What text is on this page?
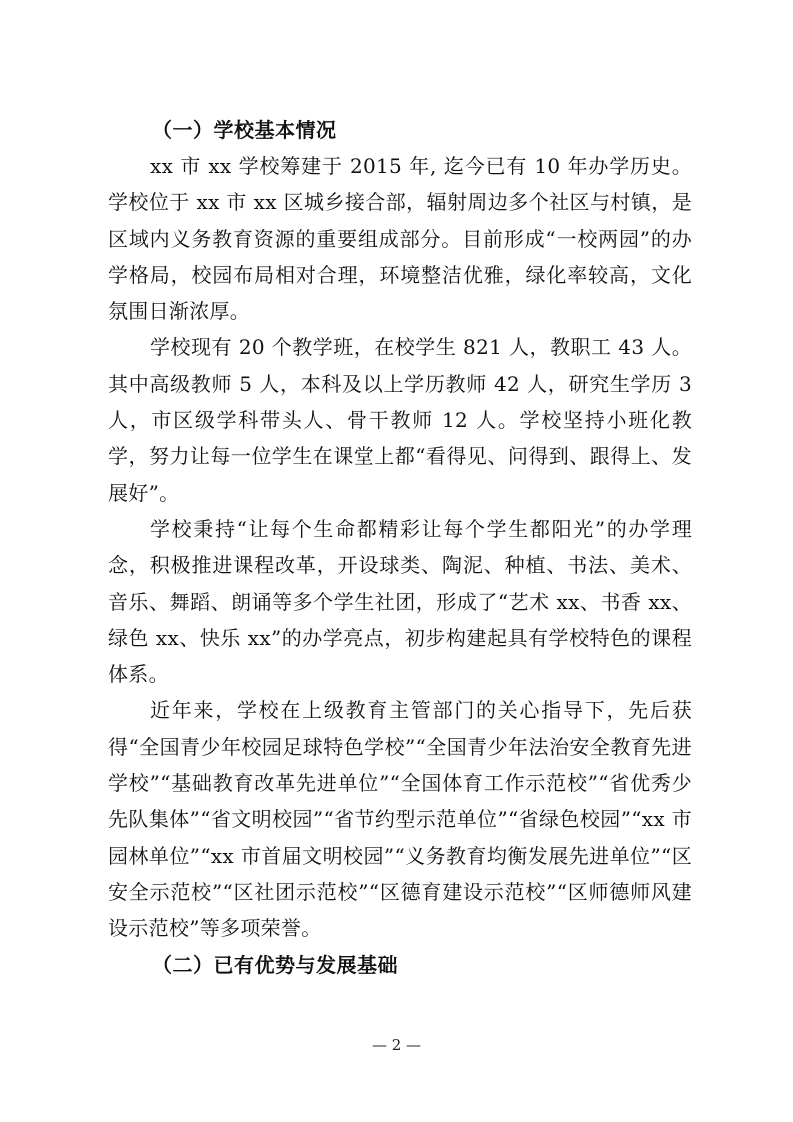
（一）学校基本情况

xx 市 xx 学校筹建于 2015 年, 迄今已有 10 年办学历史。学校位于 xx 市 xx 区城乡接合部，辐射周边多个社区与村镇，是区域内义务教育资源的重要组成部分。目前形成“一校两园”的办学格局，校园布局相对合理，环境整洁优雅，绿化率较高，文化氛围日渐浓厚。

学校现有 20 个教学班，在校学生 821 人，教职工 43 人。其中高级教师 5 人，本科及以上学历教师 42 人，研究生学历 3 人，市区级学科带头人、骨干教师 12 人。学校坚持小班化教学，努力让每一位学生在课堂上都“看得见、问得到、跟得上、发展好”。

学校秉持“让每个生命都精彩让每个学生都阳光”的办学理念，积极推进课程改革，开设球类、陶泥、种植、书法、美术、音乐、舞蹈、朗诵等多个学生社团，形成了“艺术 xx、书香 xx、绿色 xx、快乐 xx”的办学亮点，初步构建起具有学校特色的课程体系。

近年来，学校在上级教育主管部门的关心指导下，先后获得“全国青少年校园足球特色学校”“全国青少年法治安全教育先进学校”“基础教育改革先进单位”“全国体育工作示范校”“省优秀少先队集体”“省文明校园”“省节约型示范单位”“省绿色校园”“xx 市园林单位”“xx 市首届文明校园”“义务教育均衡发展先进单位”“区安全示范校”“区社团示范校”“区德育建设示范校”“区师德师风建设示范校”等多项荣誉。

（二）已有优势与发展基础
— 2 —
